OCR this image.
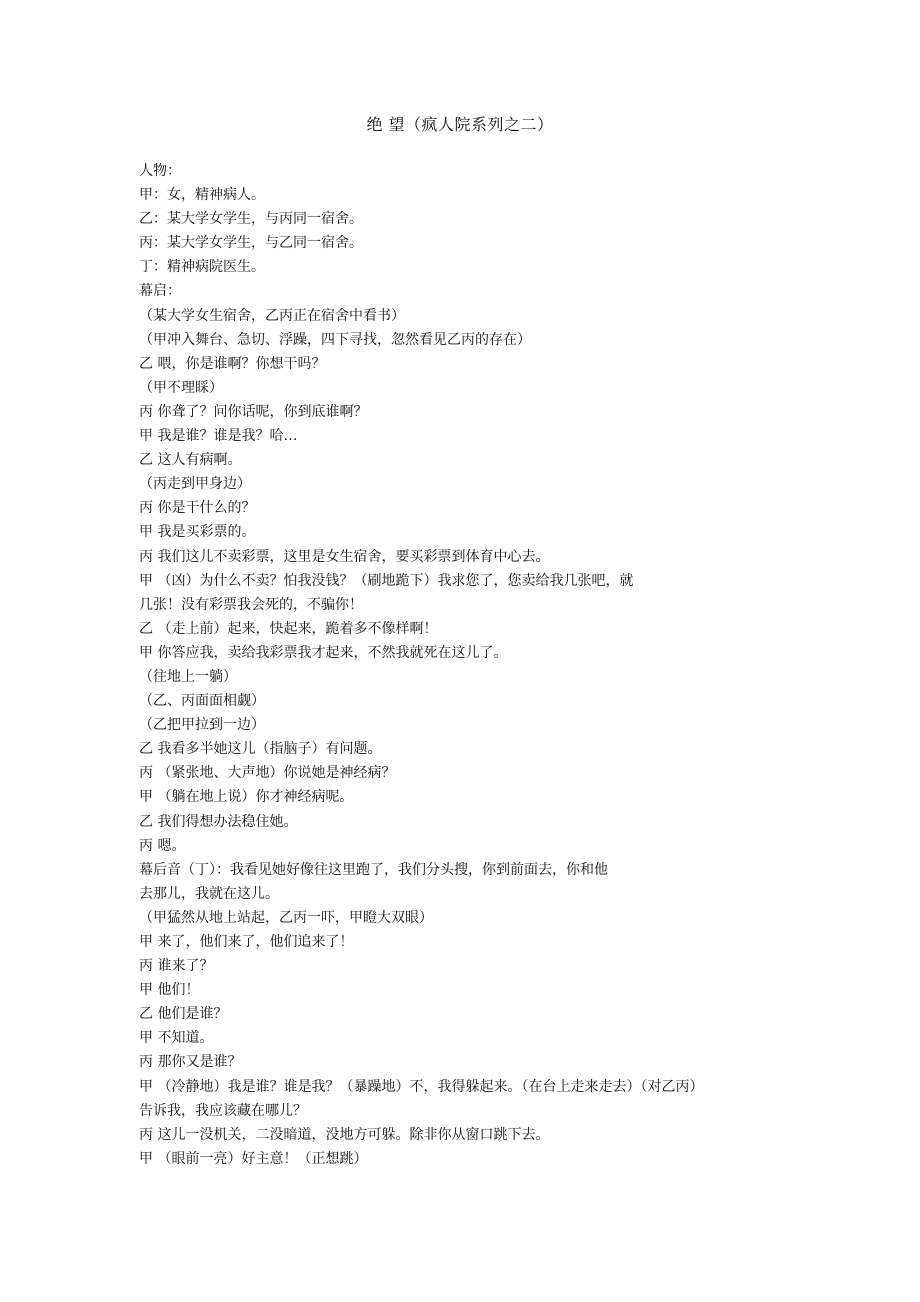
绝 望（疯人院系列之二）
人物：
甲：女，精神病人。
乙：某大学女学生，与丙同一宿舍。
丙：某大学女学生，与乙同一宿舍。
丁：精神病院医生。
幕启：
（某大学女生宿舍，乙丙正在宿舍中看书）
（甲冲入舞台、急切、浮躁，四下寻找，忽然看见乙丙的存在）
乙 喂，你是谁啊？你想干吗？
（甲不理睬）
丙 你聋了？问你话呢，你到底谁啊？
甲 我是谁？谁是我？哈…
乙 这人有病啊。
（丙走到甲身边）
丙 你是干什么的？
甲 我是买彩票的。
丙 我们这儿不卖彩票，这里是女生宿舍，要买彩票到体育中心去。
甲 （凶）为什么不卖？怕我没钱？（刷地跪下）我求您了，您卖给我几张吧，就
几张！没有彩票我会死的，不骗你！
乙 （走上前）起来，快起来，跪着多不像样啊！
甲 你答应我，卖给我彩票我才起来，不然我就死在这儿了。
（往地上一躺）
（乙、丙面面相觑）
（乙把甲拉到一边）
乙 我看多半她这儿（指脑子）有问题。
丙 （紧张地、大声地）你说她是神经病？
甲 （躺在地上说）你才神经病呢。
乙 我们得想办法稳住她。
丙 嗯。
幕后音（丁）：我看见她好像往这里跑了，我们分头搜，你到前面去，你和他
去那儿，我就在这儿。
（甲猛然从地上站起，乙丙一吓，甲瞪大双眼）
甲 来了，他们来了，他们追来了！
丙 谁来了？
甲 他们！
乙 他们是谁？
甲 不知道。
丙 那你又是谁？
甲 （冷静地）我是谁？谁是我？（暴躁地）不，我得躲起来。（在台上走来走去）（对乙丙）
告诉我，我应该藏在哪儿？
丙 这儿一没机关，二没暗道，没地方可躲。除非你从窗口跳下去。
甲 （眼前一亮）好主意！（正想跳）
